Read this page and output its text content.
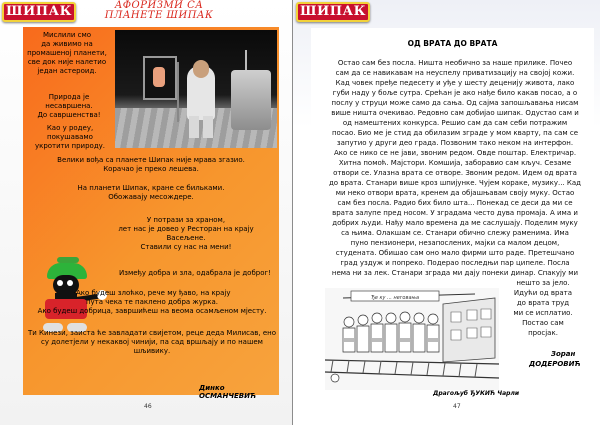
ШИПАК	АФОРИЗМИ СА ПЛАНЕТЕ ШИПАК
Мислили смо
да живимо на
промашеној планети,
све док није налетио
један астероид.
Природа је несавршена.
До савршенства!
Као у родеу, покушавамо
укротити природу.
Велики вођа са планете Шипак није мрава згазио.
Корачао је преко лешева.
На планети Шипак, кране се бильками.
Обожавају месождере.
У потрази за храном,
лет нас је довео у Ресторан на крају
Васељене.
Ставили су нас на мени!
Између добра и зла, одабрала је доброг!
-Ако будеш злоћко, рече му ђаво, на крају
пута чека те пакленo добра журка.
Ако будеш добрица, завршићеш на веома осамљеном мјесту.
Ти Кинези, заиста ће завладати свијетом, реце деда Милисав, ено
су долетјели у некаквој чинији, па сад вршљају и по нашем
шљивику.
Динко ОСМАНЧЕВИЋ
46
ШИПАК
ОД ВРАТА ДО ВРАТА
Остао сам без посла. Ништа необично за наше прилике. Почео
сам да се навикавам на неуспелу приватизацију на својој кожи.
Кад човек пређе педесету и уђе у шесту деценију живота, лако
губи наду у боље сутра. Срећан је ако нађе било какав посао, а о
послу у струци може само да сања. Од сајма запошљавања нисам
више ништа очекивао. Редовно сам добијао шипак. Одустао сам и
од намештених конкурса. Решио сам да сам себи потражим
посао. Био ме је стид да обилазим зграде у мом кварту, па сам се
запутио у други део града. Позвоним тако неком на интерфон.
Ако се нико се не јави, звоним редом. Овде поштар. Електричар.
Хитна помоћ. Мајстори. Комшија, заборавио сам кључ. Сезаме
отвори се. Улазна врата се отворе. Звоним редом. Идем од врата
до врата. Станари више кроз шпијунке. Чујем кораке, музику... Кад
ми неко отвори врата, кренем да објашњавам своју муку. Остао
сам без посла. Радио бих било шта... Понекад се деси да ми се
врата залупе пред носом. У згрaдама често дува промаја. А има и
добрих људи. Нађу мало времена да ме саслушају. Поделим муку
са њима. Олакшам се. Станари обично слежу раменима. Има
пуно пензионери, незапослених, мајки са малом децом,
студената. Обишао сам оно мало фирми што раде. Претешчано
град уздуж и попреко. Подерао последњи пар ципеле. Посла
нема ни за лек. Станари зграда ми дају понеки динар. Спакују ми
нешто за јело.
Идући од врата
до врата труд
ми се исплатио.
Постао сам
просјак.
Ђе ку ... неговања
Зоран
ДОДЕРОВИЋ
Драгољуб ЂУКИЋ Чарли
47
